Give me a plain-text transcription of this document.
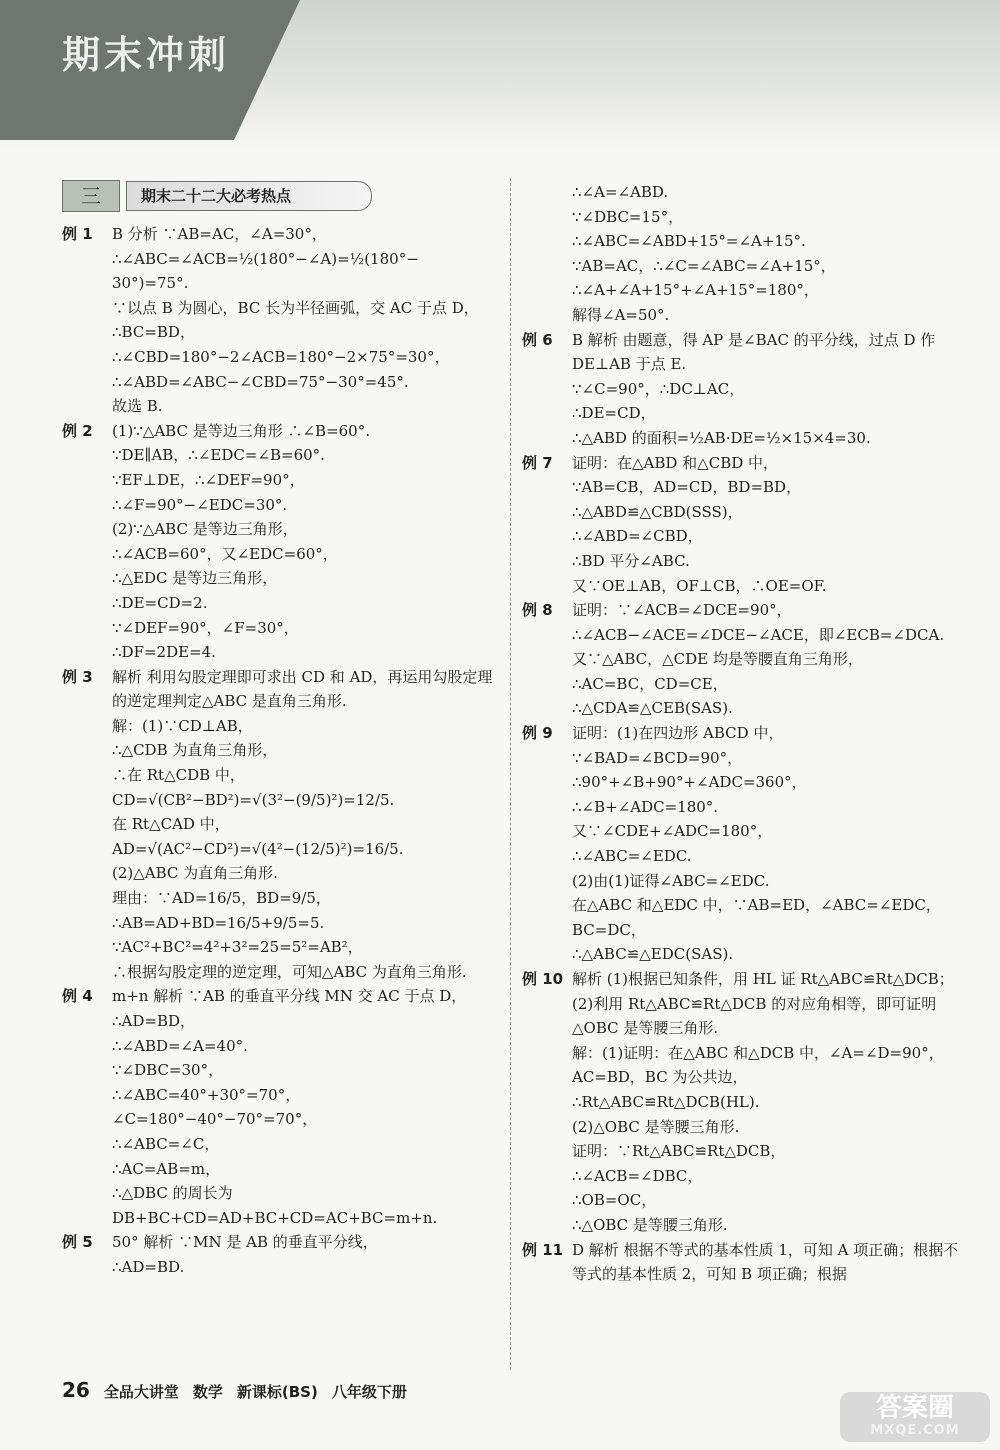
期末冲刺
三	期末二十二大必考热点
例 1 B 分析 ∵AB=AC，∠A=30°，
∴∠ABC=∠ACB=½(180°−∠A)=½(180°−
30°)=75°.
∵以点 B 为圆心，BC 长为半径画弧，交 AC 于点 D，
∴BC=BD，
∴∠CBD=180°−2∠ACB=180°−2×75°=30°，
∴∠ABD=∠ABC−∠CBD=75°−30°=45°.
故选 B.
例 2 (1)∵△ABC 是等边三角形 ∴∠B=60°.
∵DE∥AB，∴∠EDC=∠B=60°.
∵EF⊥DE，∴∠DEF=90°，
∴∠F=90°−∠EDC=30°.
(2)∵△ABC 是等边三角形，
∴∠ACB=60°，又∠EDC=60°，
∴△EDC 是等边三角形，
∴DE=CD=2.
∵∠DEF=90°，∠F=30°，
∴DF=2DE=4.
例 3 解析 利用勾股定理即可求出 CD 和 AD，再运用勾股定理的逆定理判定△ABC 是直角三角形.
解：(1)∵CD⊥AB，
∴△CDB 为直角三角形，
∴在 Rt△CDB 中，
CD=√(CB²−BD²)=√(3²−(9/5)²)=12/5.
在 Rt△CAD 中，
AD=√(AC²−CD²)=√(4²−(12/5)²)=16/5.
(2)△ABC 为直角三角形.
理由：∵AD=16/5，BD=9/5，
∴AB=AD+BD=16/5+9/5=5.
∵AC²+BC²=4²+3²=25=5²=AB²，
∴根据勾股定理的逆定理，可知△ABC 为直角三角形.
例 4 m+n 解析 ∵AB 的垂直平分线 MN 交 AC 于点 D，
∴AD=BD，
∴∠ABD=∠A=40°.
∵∠DBC=30°，
∴∠ABC=40°+30°=70°，
∠C=180°−40°−70°=70°，
∴∠ABC=∠C，
∴AC=AB=m，
∴△DBC 的周长为 DB+BC+CD=AD+BC+CD=AC+BC=m+n.
例 5 50° 解析 ∵MN 是 AB 的垂直平分线，
∴AD=BD.
∴∠A=∠ABD.
∵∠DBC=15°，
∴∠ABC=∠ABD+15°=∠A+15°.
∵AB=AC，∴∠C=∠ABC=∠A+15°，
∴∠A+∠A+15°+∠A+15°=180°，
解得∠A=50°.
例 6 B 解析 由题意，得 AP 是∠BAC 的平分线，过点 D 作 DE⊥AB 于点 E.
∵∠C=90°，∴DC⊥AC，
∴DE=CD，
∴△ABD 的面积=½AB·DE=½×15×4=30.
例 7 证明：在△ABD 和△CBD 中，
∵AB=CB，AD=CD，BD=BD，
∴△ABD≌△CBD(SSS)，
∴∠ABD=∠CBD，
∴BD 平分∠ABC.
又∵OE⊥AB，OF⊥CB，∴OE=OF.
例 8 证明：∵∠ACB=∠DCE=90°，
∴∠ACB−∠ACE=∠DCE−∠ACE，即∠ECB=∠DCA.
又∵△ABC，△CDE 均是等腰直角三角形，
∴AC=BC，CD=CE，
∴△CDA≌△CEB(SAS).
例 9 证明：(1)在四边形 ABCD 中，
∵∠BAD=∠BCD=90°，
∴90°+∠B+90°+∠ADC=360°，
∴∠B+∠ADC=180°.
又∵∠CDE+∠ADC=180°，
∴∠ABC=∠EDC.
(2)由(1)证得∠ABC=∠EDC.
在△ABC 和△EDC 中，∵AB=ED，∠ABC=∠EDC，BC=DC，
∴△ABC≌△EDC(SAS).
例 10 解析 (1)根据已知条件，用 HL 证 Rt△ABC≌Rt△DCB；
(2)利用 Rt△ABC≌Rt△DCB 的对应角相等，即可证明△OBC 是等腰三角形.
解：(1)证明：在△ABC 和△DCB 中，∠A=∠D=90°，AC=BD，BC 为公共边，
∴Rt△ABC≌Rt△DCB(HL).
(2)△OBC 是等腰三角形.
证明：∵Rt△ABC≌Rt△DCB，
∴∠ACB=∠DBC，
∴OB=OC，
∴△OBC 是等腰三角形.
例 11 D 解析 根据不等式的基本性质 1，可知 A 项正确；根据不等式的基本性质 2，可知 B 项正确；根据
26 全品大讲堂 数学 新课标(BS) 八年级下册
答案圈
MXQE.COM
